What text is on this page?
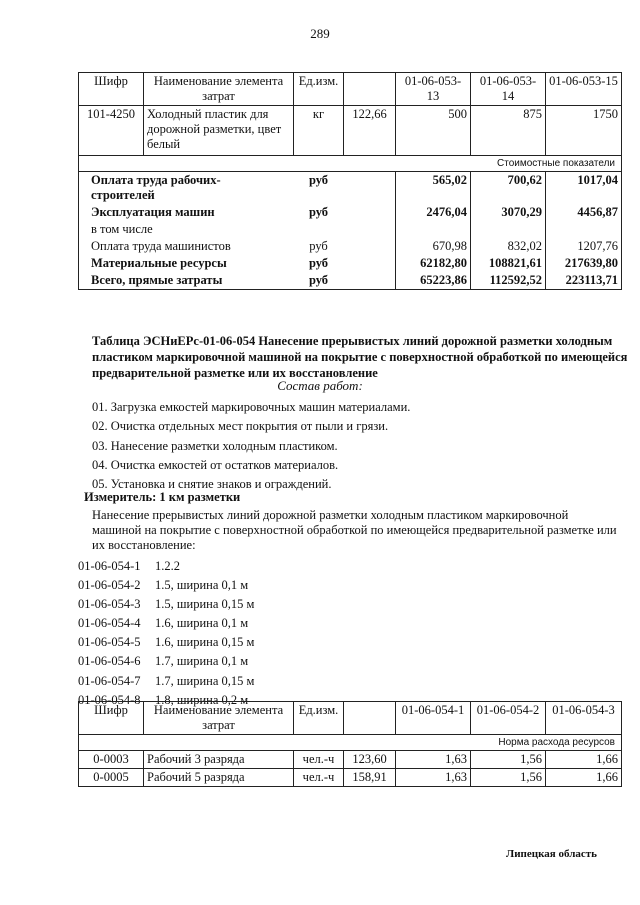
289
Шифр	Наименование элемента затрат	Ед.изм.		01-06-053-13	01-06-053-14	01-06-053-15
101-4250	Холодный пластик для дорожной разметки, цвет белый	кг	122,66	500	875	1750
Стоимостные показатели						
Оплата труда рабочих-строителей		руб		565,02	700,62	1017,04
Эксплуатация машин		руб		2476,04	3070,29	4456,87
в том числе						
Оплата труда машинистов		руб		670,98	832,02	1207,76
Материальные ресурсы		руб		62182,80	108821,61	217639,80
Всего, прямые затраты		руб		65223,86	112592,52	223113,71
Таблица ЭСНиЕРс-01-06-054 Нанесение прерывистых линий дорожной разметки холодным пластиком маркировочной машиной на покрытие с поверхностной обработкой по имеющейся предварительной разметке или их восстановление
Состав работ:
01. Загрузка емкостей маркировочных машин материалами.
02. Очистка отдельных мест покрытия от пыли и грязи.
03. Нанесение разметки холодным пластиком.
04. Очистка емкостей от остатков материалов.
05. Установка и снятие знаков и ограждений.
Измеритель: 1 км разметки
Нанесение прерывистых линий дорожной разметки холодным пластиком маркировочной машиной на покрытие с поверхностной обработкой по имеющейся предварительной разметке или их восстановление:
01-06-054-1 1.2.2
01-06-054-2 1.5, ширина 0,1 м
01-06-054-3 1.5, ширина 0,15 м
01-06-054-4 1.6, ширина 0,1 м
01-06-054-5 1.6, ширина 0,15 м
01-06-054-6 1.7, ширина 0,1 м
01-06-054-7 1.7, ширина 0,15 м
01-06-054-8 1.8, ширина 0,2 м
Шифр	Наименование элемента затрат	Ед.изм.		01-06-054-1	01-06-054-2	01-06-054-3
Норма расхода ресурсов						
0-0003	Рабочий 3 разряда	чел.-ч	123,60	1,63	1,56	1,66
0-0005	Рабочий 5 разряда	чел.-ч	158,91	1,63	1,56	1,66
Липецкая область
